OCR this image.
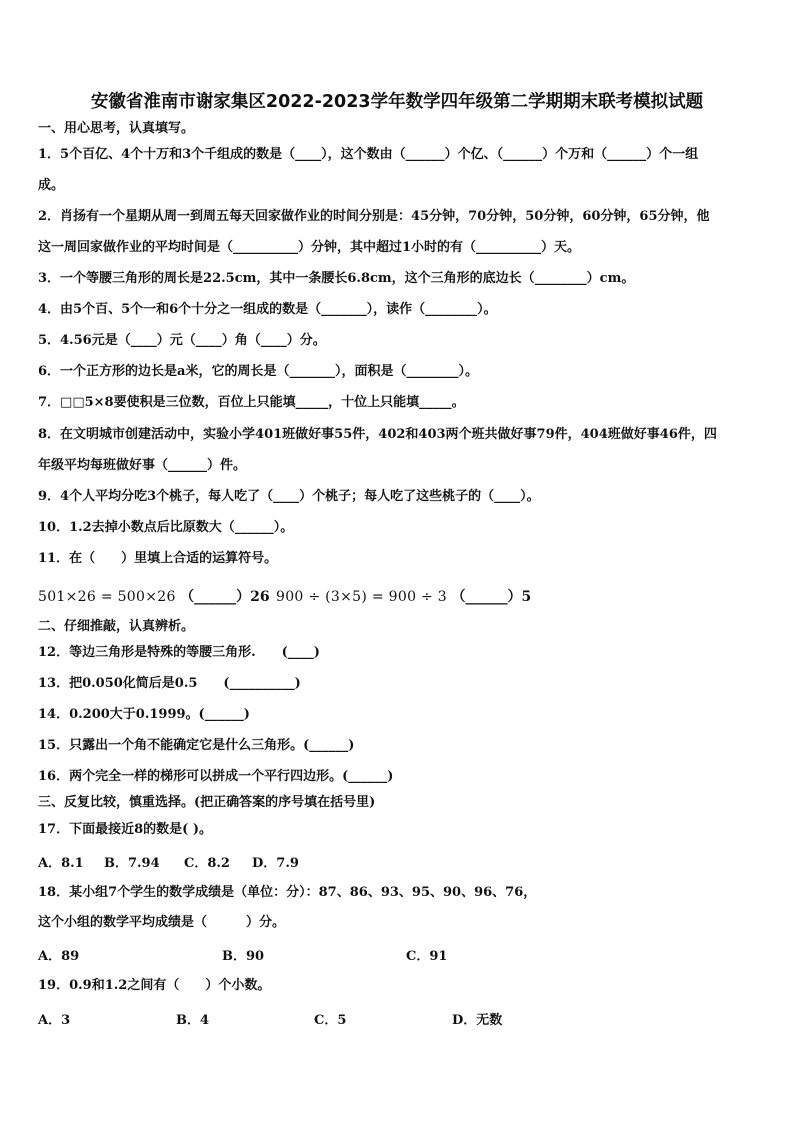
安徽省淮南市谢家集区2022-2023学年数学四年级第二学期期末联考模拟试题
一、用心思考，认真填写。
1．5个百亿、4个十万和3个千组成的数是（____），这个数由（______）个亿、（______）个万和（______）个一组
成。
2．肖扬有一个星期从周一到周五每天回家做作业的时间分别是：45分钟，70分钟，50分钟，60分钟，65分钟，他
这一周回家做作业的平均时间是（__________）分钟，其中超过1小时的有（__________）天。
3．一个等腰三角形的周长是22.5cm，其中一条腰长6.8cm，这个三角形的底边长（________）cm。
4．由5个百、5个一和6个十分之一组成的数是（_______），读作（________）。
5．4.56元是（____）元（____）角（____）分。
6．一个正方形的边长是a米，它的周长是（_______），面积是（________）。
7．□□5×8要使积是三位数，百位上只能填_____，十位上只能填_____。
8．在文明城市创建活动中，实验小学401班做好事55件，402和403两个班共做好事79件，404班做好事46件，四
年级平均每班做好事（______）件。
9．4个人平均分吃3个桃子，每人吃了（____）个桃子；每人吃了这些桃子的（____）。
10．1.2去掉小数点后比原数大（______）。
11．在（　　）里填上合适的运算符号。
501×26 = 500×26 （______）26 900 ÷ (3×5) = 900 ÷ 3 （______）5
二、仔细推敲，认真辨析。
12．等边三角形是特殊的等腰三角形.　　(____)
13．把0.050化简后是0.5　　(__________)
14．0.200大于0.1999。(______)
15．只露出一个角不能确定它是什么三角形。(______)
16．两个完全一样的梯形可以拼成一个平行四边形。(______)
三、反复比较，慎重选择。(把正确答案的序号填在括号里)
17．下面最接近8的数是( )。
A．8.1 B．7.94 C．8.2 D．7.9
18．某小组7个学生的数学成绩是（单位：分）：87、86、93、95、90、96、76，
这个小组的数学平均成绩是（　　　）分。
A．89	B．90	C．91
19．0.9和1.2之间有（　　）个小数。
A．3	B．4	C．5	D．无数
